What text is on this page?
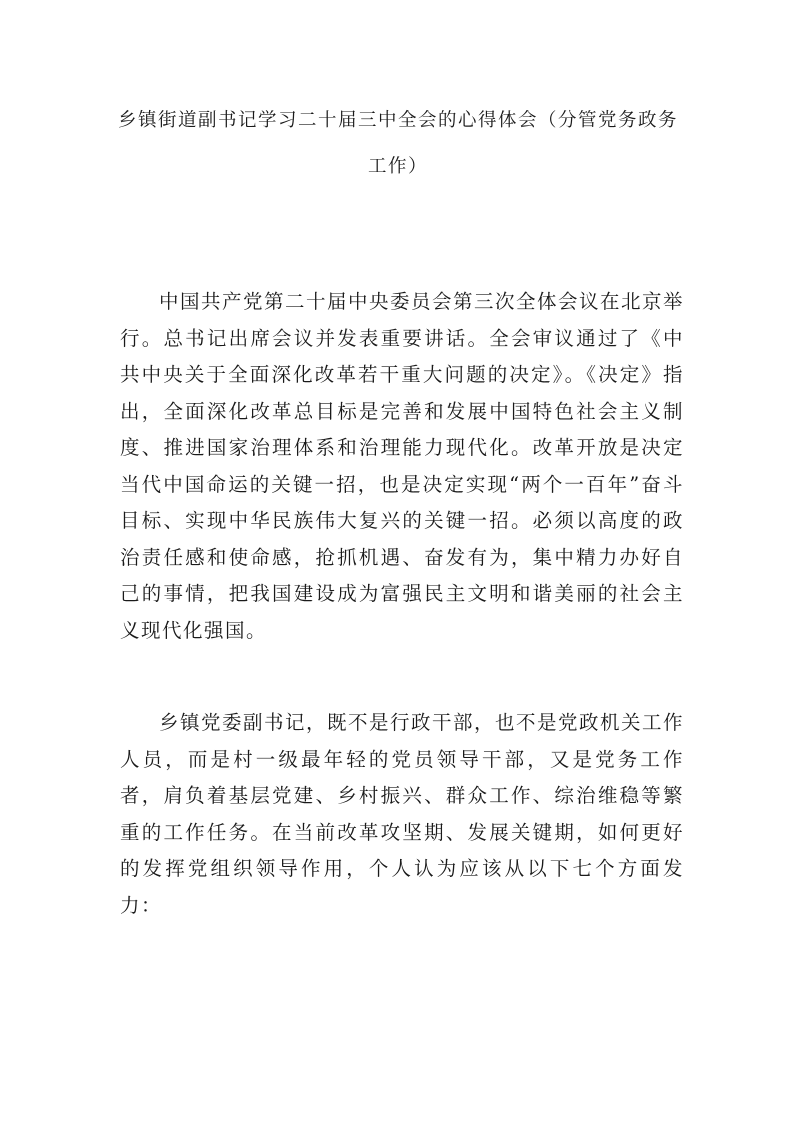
乡镇街道副书记学习二十届三中全会的心得体会（分管党务政务工作）

中国共产党第二十届中央委员会第三次全体会议在北京举行。总书记出席会议并发表重要讲话。全会审议通过了《中共中央关于全面深化改革若干重大问题的决定》。《决定》指出，全面深化改革总目标是完善和发展中国特色社会主义制度、推进国家治理体系和治理能力现代化。改革开放是决定当代中国命运的关键一招，也是决定实现“两个一百年”奋斗目标、实现中华民族伟大复兴的关键一招。必须以高度的政治责任感和使命感，抢抓机遇、奋发有为，集中精力办好自己的事情，把我国建设成为富强民主文明和谐美丽的社会主义现代化强国。

乡镇党委副书记，既不是行政干部，也不是党政机关工作人员，而是村一级最年轻的党员领导干部，又是党务工作者，肩负着基层党建、乡村振兴、群众工作、综治维稳等繁重的工作任务。在当前改革攻坚期、发展关键期，如何更好的发挥党组织领导作用，个人认为应该从以下七个方面发力：
